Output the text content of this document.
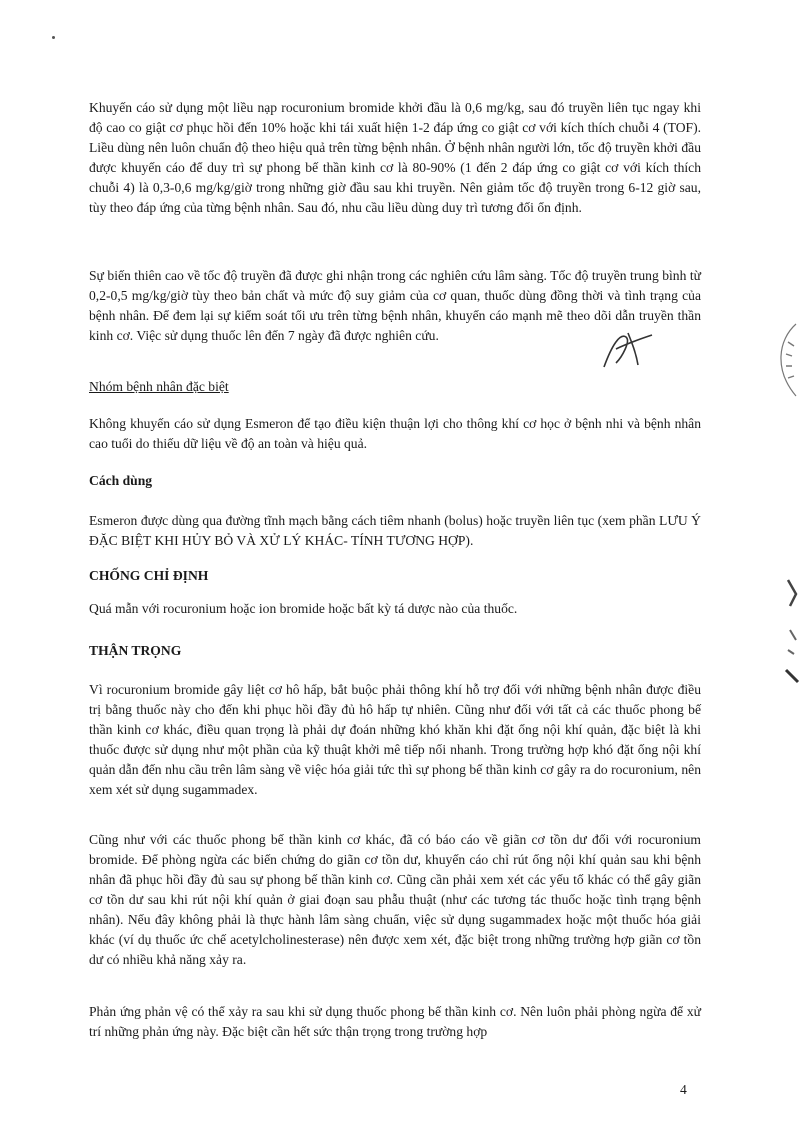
Khuyến cáo sử dụng một liều nạp rocuronium bromide khởi đầu là 0,6 mg/kg, sau đó truyền liên tục ngay khi độ cao co giật cơ phục hồi đến 10% hoặc khi tái xuất hiện 1-2 đáp ứng co giật cơ với kích thích chuỗi 4 (TOF). Liều dùng nên luôn chuẩn độ theo hiệu quả trên từng bệnh nhân. Ở bệnh nhân người lớn, tốc độ truyền khởi đầu được khuyến cáo để duy trì sự phong bế thần kinh cơ là 80-90% (1 đến 2 đáp ứng co giật cơ với kích thích chuỗi 4) là 0,3-0,6 mg/kg/giờ trong những giờ đầu sau khi truyền. Nên giảm tốc độ truyền trong 6-12 giờ sau, tùy theo đáp ứng của từng bệnh nhân. Sau đó, nhu cầu liều dùng duy trì tương đối ổn định.

Sự biến thiên cao về tốc độ truyền đã được ghi nhận trong các nghiên cứu lâm sàng. Tốc độ truyền trung bình từ 0,2-0,5 mg/kg/giờ tùy theo bản chất và mức độ suy giảm của cơ quan, thuốc dùng đồng thời và tình trạng của bệnh nhân. Để đem lại sự kiểm soát tối ưu trên từng bệnh nhân, khuyến cáo mạnh mẽ theo dõi dẫn truyền thần kinh cơ. Việc sử dụng thuốc lên đến 7 ngày đã được nghiên cứu.

Nhóm bệnh nhân đặc biệt

Không khuyến cáo sử dụng Esmeron để tạo điều kiện thuận lợi cho thông khí cơ học ở bệnh nhi và bệnh nhân cao tuổi do thiếu dữ liệu về độ an toàn và hiệu quả.

Cách dùng

Esmeron được dùng qua đường tĩnh mạch bằng cách tiêm nhanh (bolus) hoặc truyền liên tục (xem phần LƯU Ý ĐẶC BIỆT KHI HỦY BỎ VÀ XỬ LÝ KHÁC- TÍNH TƯƠNG HỢP).

CHỐNG CHỈ ĐỊNH

Quá mẫn với rocuronium hoặc ion bromide hoặc bất kỳ tá dược nào của thuốc.

THẬN TRỌNG

Vì rocuronium bromide gây liệt cơ hô hấp, bắt buộc phải thông khí hỗ trợ đối với những bệnh nhân được điều trị bằng thuốc này cho đến khi phục hồi đầy đủ hô hấp tự nhiên. Cũng như đối với tất cả các thuốc phong bế thần kinh cơ khác, điều quan trọng là phải dự đoán những khó khăn khi đặt ống nội khí quản, đặc biệt là khi thuốc được sử dụng như một phần của kỹ thuật khởi mê tiếp nối nhanh. Trong trường hợp khó đặt ống nội khí quản dẫn đến nhu cầu trên lâm sàng về việc hóa giải tức thì sự phong bế thần kinh cơ gây ra do rocuronium, nên xem xét sử dụng sugammadex.

Cũng như với các thuốc phong bế thần kinh cơ khác, đã có báo cáo về giãn cơ tồn dư đối với rocuronium bromide. Để phòng ngừa các biến chứng do giãn cơ tồn dư, khuyến cáo chỉ rút ống nội khí quản sau khi bệnh nhân đã phục hồi đầy đủ sau sự phong bế thần kinh cơ. Cũng cần phải xem xét các yếu tố khác có thể gây giãn cơ tồn dư sau khi rút nội khí quản ở giai đoạn sau phẫu thuật (như các tương tác thuốc hoặc tình trạng bệnh nhân). Nếu đây không phải là thực hành lâm sàng chuẩn, việc sử dụng sugammadex hoặc một thuốc hóa giải khác (ví dụ thuốc ức chế acetylcholinesterase) nên được xem xét, đặc biệt trong những trường hợp giãn cơ tồn dư có nhiều khả năng xảy ra.

Phản ứng phản vệ có thể xảy ra sau khi sử dụng thuốc phong bế thần kinh cơ. Nên luôn phải phòng ngừa để xử trí những phản ứng này. Đặc biệt cần hết sức thận trọng trong trường hợp

4
